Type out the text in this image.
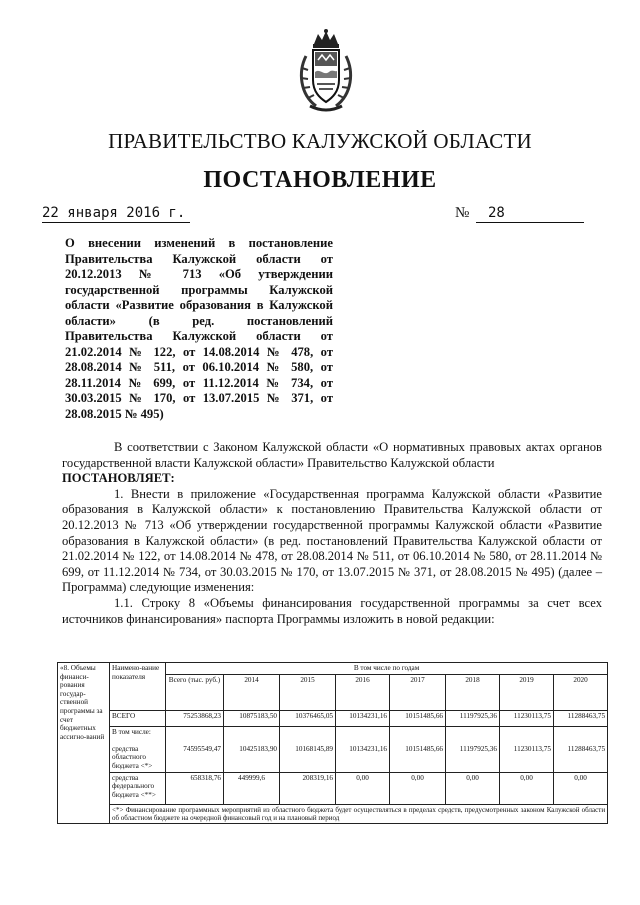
ПРАВИТЕЛЬСТВО КАЛУЖСКОЙ ОБЛАСТИ
ПОСТАНОВЛЕНИЕ
22 января 2016 г.	№ 28
О внесении изменений в постановление Правительства Калужской области от 20.12.2013 № 713 «Об утверждении государственной программы Калужской области «Развитие образования в Калужской области» (в ред. постановлений Правительства Калужской области от 21.02.2014 № 122, от 14.08.2014 № 478, от 28.08.2014 № 511, от 06.10.2014 № 580, от 28.11.2014 № 699, от 11.12.2014 № 734, от 30.03.2015 № 170, от 13.07.2015 № 371, от 28.08.2015 № 495)

В соответствии с Законом Калужской области «О нормативных правовых актах органов государственной власти Калужской области» Правительство Калужской области

ПОСТАНОВЛЯЕТ:

1. Внести в приложение «Государственная программа Калужской области «Развитие образования в Калужской области» к постановлению Правительства Калужской области от 20.12.2013 № 713 «Об утверждении государственной программы Калужской области «Развитие образования в Калужской области» (в ред. постановлений Правительства Калужской области от 21.02.2014 № 122, от 14.08.2014 № 478, от 28.08.2014 № 511, от 06.10.2014 № 580, от 28.11.2014 № 699, от 11.12.2014 № 734, от 30.03.2015 № 170, от 13.07.2015 № 371, от 28.08.2015 № 495) (далее – Программа) следующие изменения:

1.1. Строку 8 «Объемы финансирования государственной программы за счет всех источников финансирования» паспорта Программы изложить в новой редакции:

«8. Объемы финанси-рования государ-ственной программы за счет бюджетных ассигно-ваний	Наимено-вание показателя	В том числе по годам							
		Всего (тыс. руб.)	2014	2015	2016	2017	2018	2019	2020
	ВСЕГО	75253868,23	10875183,50	10376465,05	10134231,16	10151485,66	11197925,36	11230113,75	11288463,75
	В том числе:

средства областного бюджета <*>	74595549,47	10425183,90	10168145,89	10134231,16	10151485,66	11197925,36	11230113,75	11288463,75
	средства федерального бюджета <**>	658318,76	449999,6	208319,16	0,00	0,00	0,00	0,00	0,00
	<*> Финансирование программных мероприятий из областного бюджета будет осуществляться в пределах средств, предусмотренных законом Калужской области об областном бюджете на очередной финансовый год и на плановый период								
